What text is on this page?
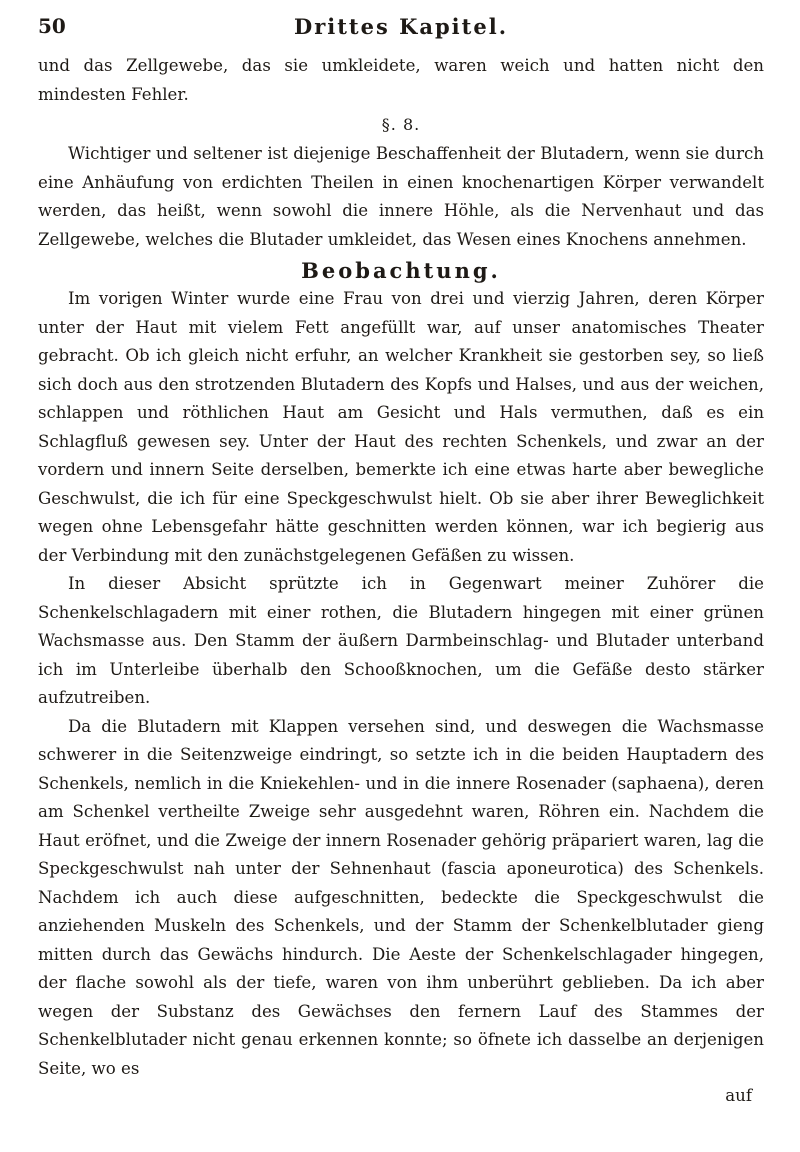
50	Drittes Kapitel.

und das Zellgewebe, das sie umkleidete, waren weich und hatten nicht den mindesten Fehler.

§. 8.

Wichtiger und seltener ist diejenige Beschaffenheit der Blutadern, wenn sie durch eine Anhäufung von erdichten Theilen in einen knochenartigen Körper verwandelt werden, das heißt, wenn sowohl die innere Höhle, als die Nervenhaut und das Zellgewebe, welches die Blutader umkleidet, das Wesen eines Knochens annehmen.

Beobachtung.

Im vorigen Winter wurde eine Frau von drei und vierzig Jahren, deren Körper unter der Haut mit vielem Fett angefüllt war, auf unser anatomisches Theater gebracht. Ob ich gleich nicht erfuhr, an welcher Krankheit sie gestorben sey, so ließ sich doch aus den strotzenden Blutadern des Kopfs und Halses, und aus der weichen, schlappen und röthlichen Haut am Gesicht und Hals vermuthen, daß es ein Schlagfluß gewesen sey. Unter der Haut des rechten Schenkels, und zwar an der vordern und innern Seite derselben, bemerkte ich eine etwas harte aber bewegliche Geschwulst, die ich für eine Speckgeschwulst hielt. Ob sie aber ihrer Beweglichkeit wegen ohne Lebensgefahr hätte geschnitten werden können, war ich begierig aus der Verbindung mit den zunächstgelegenen Gefäßen zu wissen.

In dieser Absicht sprützte ich in Gegenwart meiner Zuhörer die Schenkelschlagadern mit einer rothen, die Blutadern hingegen mit einer grünen Wachsmasse aus. Den Stamm der äußern Darmbeinschlag- und Blutader unterband ich im Unterleibe überhalb den Schooßknochen, um die Gefäße desto stärker aufzutreiben.

Da die Blutadern mit Klappen versehen sind, und deswegen die Wachsmasse schwerer in die Seitenzweige eindringt, so setzte ich in die beiden Hauptadern des Schenkels, nemlich in die Kniekehlen- und in die innere Rosenader (saphaena), deren am Schenkel vertheilte Zweige sehr ausgedehnt waren, Röhren ein. Nachdem die Haut eröfnet, und die Zweige der innern Rosenader gehörig präpariert waren, lag die Speckgeschwulst nah unter der Sehnenhaut (fascia aponeurotica) des Schenkels. Nachdem ich auch diese aufgeschnitten, bedeckte die Speckgeschwulst die anziehenden Muskeln des Schenkels, und der Stamm der Schenkelblutader gieng mitten durch das Gewächs hindurch. Die Aeste der Schenkelschlagader hingegen, der flache sowohl als der tiefe, waren von ihm unberührt geblieben. Da ich aber wegen der Substanz des Gewächses den fernern Lauf des Stammes der Schenkelblutader nicht genau erkennen konnte; so öfnete ich dasselbe an derjenigen Seite, wo es

auf
